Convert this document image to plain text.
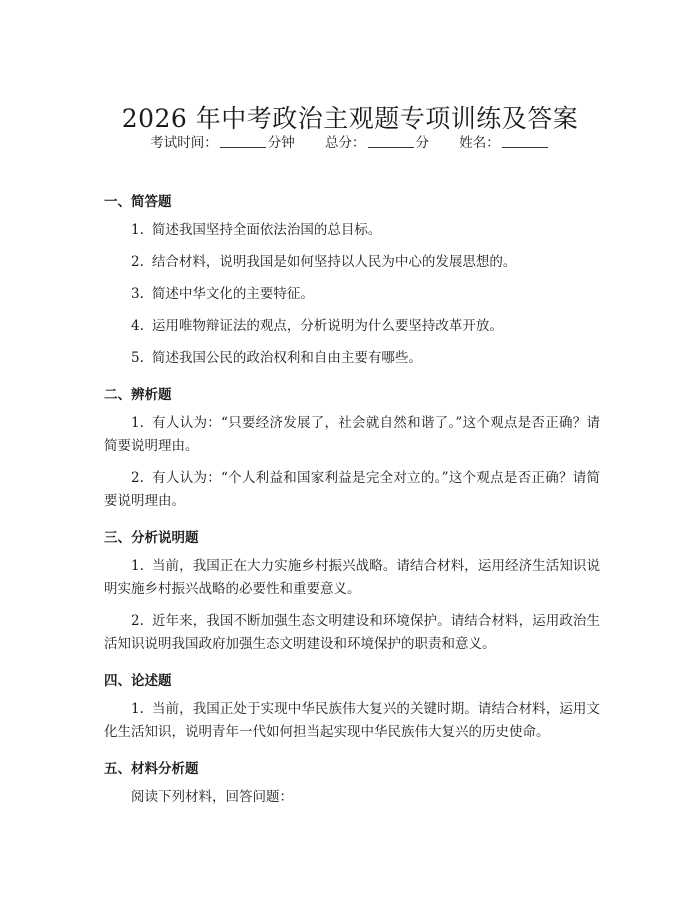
2026 年中考政治主观题专项训练及答案
考试时间：	分钟 总分：	分 姓名：

一、简答题

1. 简述我国坚持全面依法治国的总目标。

2. 结合材料，说明我国是如何坚持以人民为中心的发展思想的。

3. 简述中华文化的主要特征。

4. 运用唯物辩证法的观点，分析说明为什么要坚持改革开放。

5. 简述我国公民的政治权利和自由主要有哪些。

二、辨析题

1. 有人认为：“只要经济发展了，社会就自然和谐了。”这个观点是否正确？请简要说明理由。

2. 有人认为：“个人利益和国家利益是完全对立的。”这个观点是否正确？请简要说明理由。

三、分析说明题

1. 当前，我国正在大力实施乡村振兴战略。请结合材料，运用经济生活知识说明实施乡村振兴战略的必要性和重要意义。

2. 近年来，我国不断加强生态文明建设和环境保护。请结合材料，运用政治生活知识说明我国政府加强生态文明建设和环境保护的职责和意义。

四、论述题

1. 当前，我国正处于实现中华民族伟大复兴的关键时期。请结合材料，运用文化生活知识，说明青年一代如何担当起实现中华民族伟大复兴的历史使命。

五、材料分析题

阅读下列材料，回答问题：
